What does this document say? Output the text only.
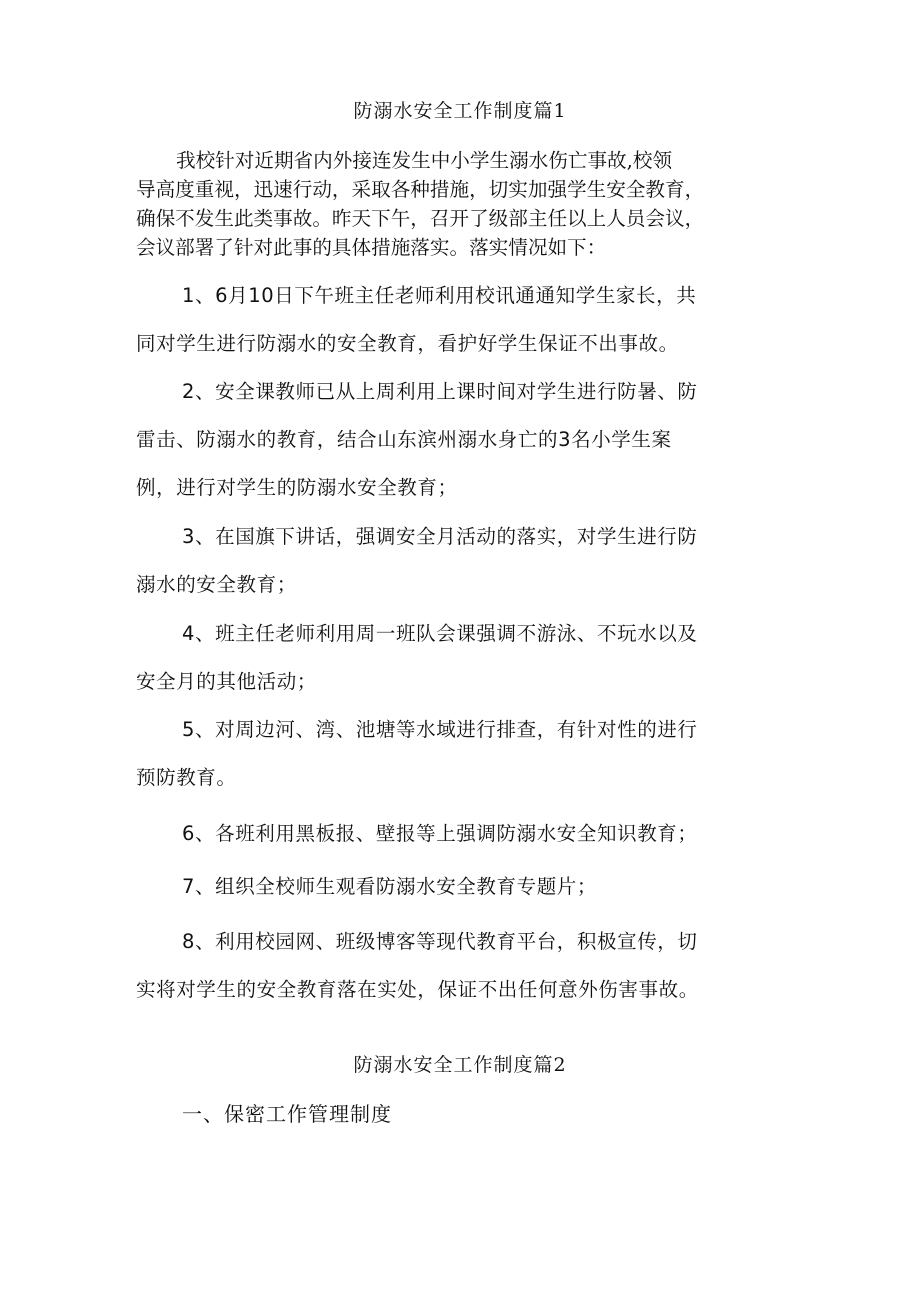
防溺水安全工作制度篇1
我校针对近期省内外接连发生中小学生溺水伤亡事故,校领
导高度重视，迅速行动，采取各种措施，切实加强学生安全教育，
确保不发生此类事故。昨天下午，召开了级部主任以上人员会议，
会议部署了针对此事的具体措施落实。落实情况如下：
1、6月10日下午班主任老师利用校讯通通知学生家长，共
同对学生进行防溺水的安全教育，看护好学生保证不出事故。
2、安全课教师已从上周利用上课时间对学生进行防暑、防
雷击、防溺水的教育，结合山东滨州溺水身亡的3名小学生案
例，进行对学生的防溺水安全教育；
3、在国旗下讲话，强调安全月活动的落实，对学生进行防
溺水的安全教育；
4、班主任老师利用周一班队会课强调不游泳、不玩水以及
安全月的其他活动；
5、对周边河、湾、池塘等水域进行排查，有针对性的进行
预防教育。
6、各班利用黑板报、壁报等上强调防溺水安全知识教育；
7、组织全校师生观看防溺水安全教育专题片；
8、利用校园网、班级博客等现代教育平台，积极宣传，切
实将对学生的安全教育落在实处，保证不出任何意外伤害事故。
防溺水安全工作制度篇2
一、保密工作管理制度
